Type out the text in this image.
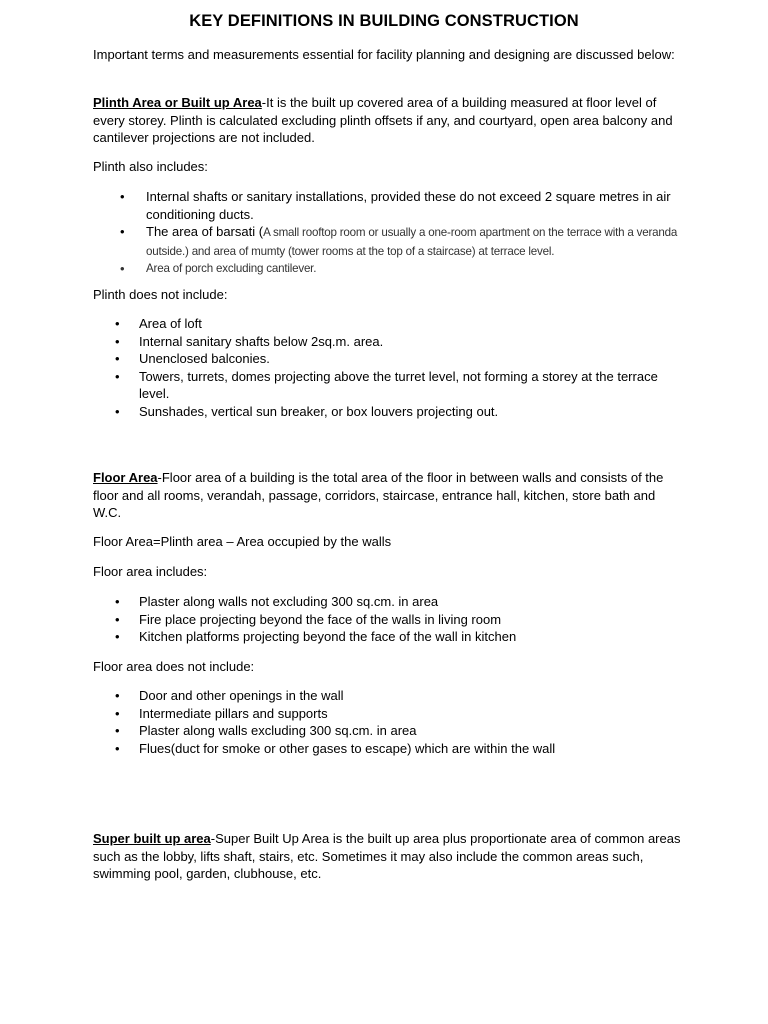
KEY DEFINITIONS IN BUILDING CONSTRUCTION

Important terms and measurements essential for facility planning and designing are discussed below:

Plinth Area or Built up Area-It is the built up covered area of a building measured at floor level of every storey. Plinth is calculated excluding plinth offsets if any, and courtyard, open area balcony and cantilever projections are not included.

Plinth also includes:

• Internal shafts or sanitary installations, provided these do not exceed 2 square metres in air conditioning ducts.
• The area of barsati (A small rooftop room or usually a one-room apartment on the terrace with a veranda outside.) and area of mumty (tower rooms at the top of a staircase) at terrace level.
• Area of porch excluding cantilever.

Plinth does not include:

• Area of loft
• Internal sanitary shafts below 2sq.m. area.
• Unenclosed balconies.
• Towers, turrets, domes projecting above the turret level, not forming a storey at the terrace level.
• Sunshades, vertical sun breaker, or box louvers projecting out.

Floor Area-Floor area of a building is the total area of the floor in between walls and consists of the floor and all rooms, verandah, passage, corridors, staircase, entrance hall, kitchen, store bath and W.C.

Floor Area=Plinth area – Area occupied by the walls

Floor area includes:

• Plaster along walls not excluding 300 sq.cm. in area
• Fire place projecting beyond the face of the walls in living room
• Kitchen platforms projecting beyond the face of the wall in kitchen

Floor area does not include:

• Door and other openings in the wall
• Intermediate pillars and supports
• Plaster along walls excluding 300 sq.cm. in area
• Flues(duct for smoke or other gases to escape) which are within the wall

Super built up area-Super Built Up Area is the built up area plus proportionate area of common areas such as the lobby, lifts shaft, stairs, etc. Sometimes it may also include the common areas such, swimming pool, garden, clubhouse, etc.
